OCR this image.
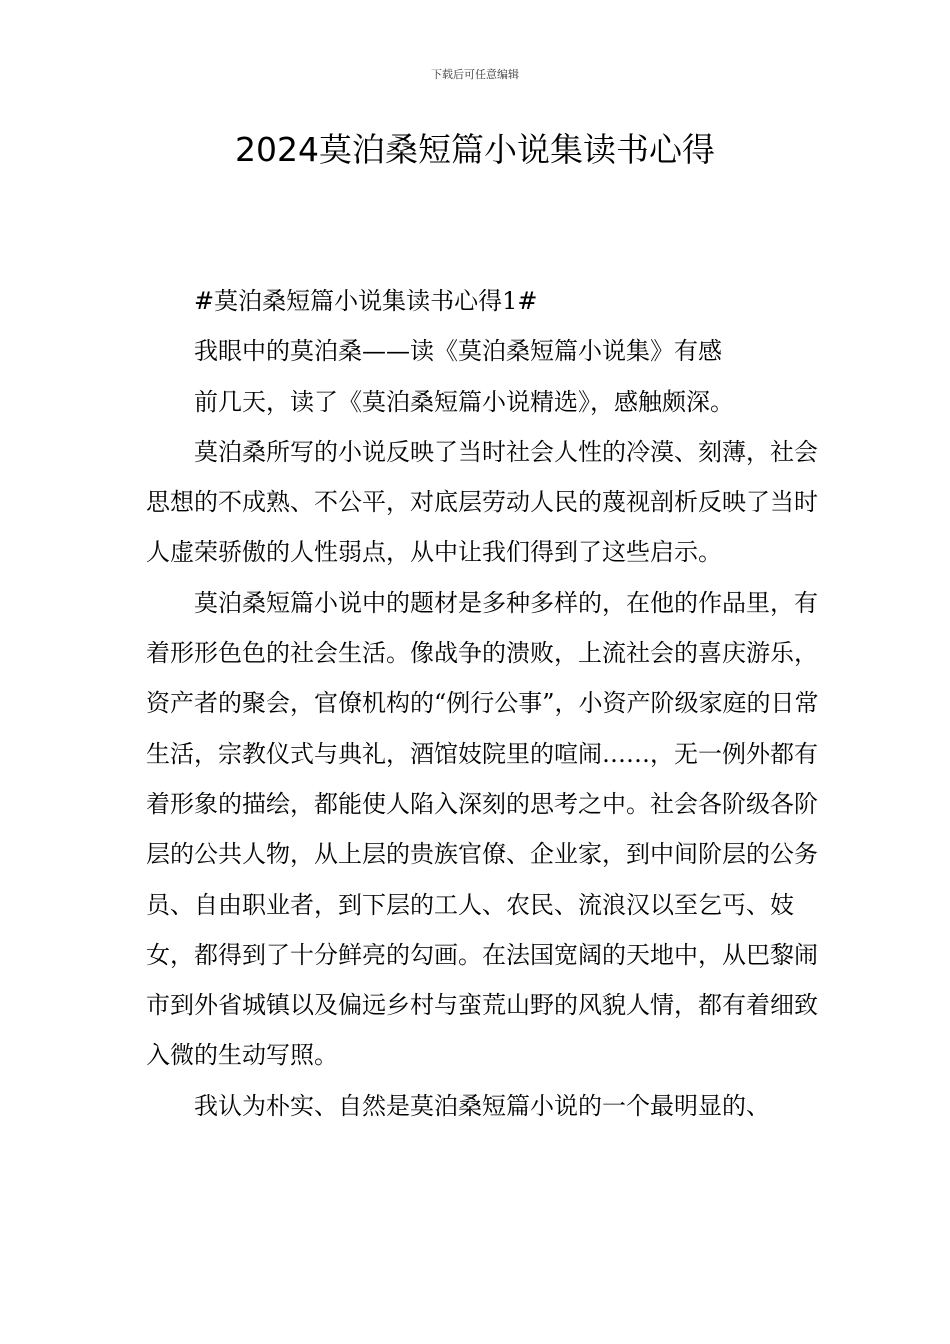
下载后可任意编辑
2024莫泊桑短篇小说集读书心得

#莫泊桑短篇小说集读书心得1#

我眼中的莫泊桑——读《莫泊桑短篇小说集》有感

前几天，读了《莫泊桑短篇小说精选》，感触颇深。

莫泊桑所写的小说反映了当时社会人性的冷漠、刻薄，社会思想的不成熟、不公平，对底层劳动人民的蔑视剖析反映了当时人虚荣骄傲的人性弱点，从中让我们得到了这些启示。

莫泊桑短篇小说中的题材是多种多样的，在他的作品里，有着形形色色的社会生活。像战争的溃败，上流社会的喜庆游乐，资产者的聚会，官僚机构的“例行公事”，小资产阶级家庭的日常生活，宗教仪式与典礼，酒馆妓院里的喧闹……，无一例外都有着形象的描绘，都能使人陷入深刻的思考之中。社会各阶级各阶层的公共人物，从上层的贵族官僚、企业家，到中间阶层的公务员、自由职业者，到下层的工人、农民、流浪汉以至乞丐、妓女，都得到了十分鲜亮的勾画。在法国宽阔的天地中，从巴黎闹市到外省城镇以及偏远乡村与蛮荒山野的风貌人情，都有着细致入微的生动写照。

我认为朴实、自然是莫泊桑短篇小说的一个最明显的、
